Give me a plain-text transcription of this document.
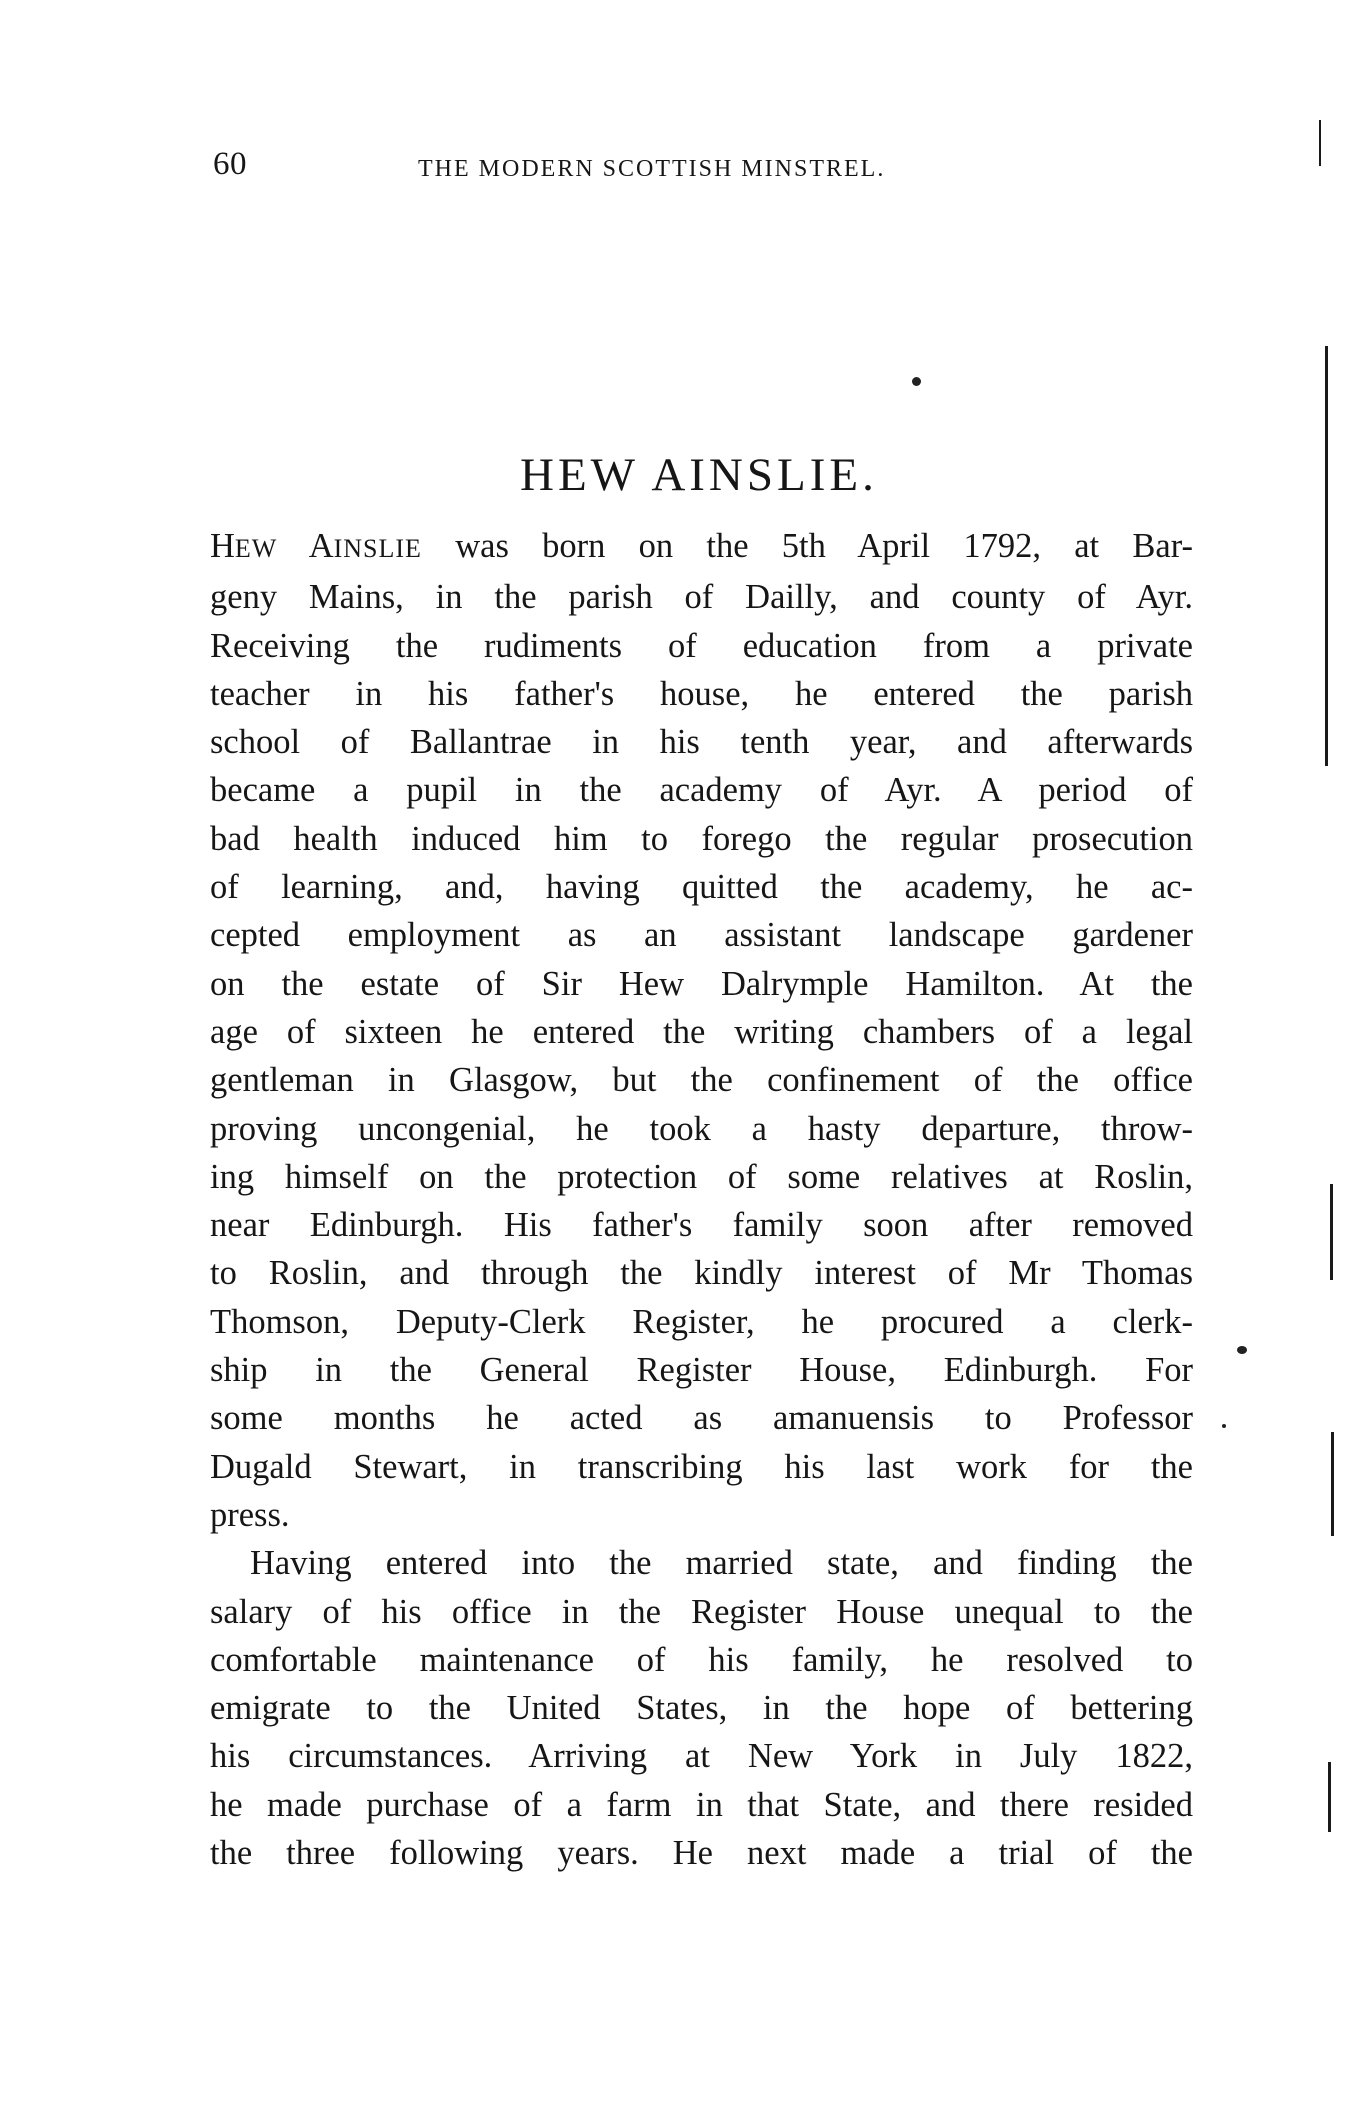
60	THE MODERN SCOTTISH MINSTREL.
HEW AINSLIE.

HEW AINSLIE was born on the 5th April 1792, at Bar-

geny Mains, in the parish of Dailly, and county of Ayr.

Receiving the rudiments of education from a private

teacher in his father's house, he entered the parish

school of Ballantrae in his tenth year, and afterwards

became a pupil in the academy of Ayr. A period of

bad health induced him to forego the regular prosecution

of learning, and, having quitted the academy, he ac-

cepted employment as an assistant landscape gardener

on the estate of Sir Hew Dalrymple Hamilton. At the

age of sixteen he entered the writing chambers of a legal

gentleman in Glasgow, but the confinement of the office

proving uncongenial, he took a hasty departure, throw-

ing himself on the protection of some relatives at Roslin,

near Edinburgh. His father's family soon after removed

to Roslin, and through the kindly interest of Mr Thomas

Thomson, Deputy-Clerk Register, he procured a clerk-

ship in the General Register House, Edinburgh. For

some months he acted as amanuensis to Professor

Dugald Stewart, in transcribing his last work for the

press.

Having entered into the married state, and finding the

salary of his office in the Register House unequal to the

comfortable maintenance of his family, he resolved to

emigrate to the United States, in the hope of bettering

his circumstances. Arriving at New York in July 1822,

he made purchase of a farm in that State, and there resided

the three following years. He next made a trial of the
